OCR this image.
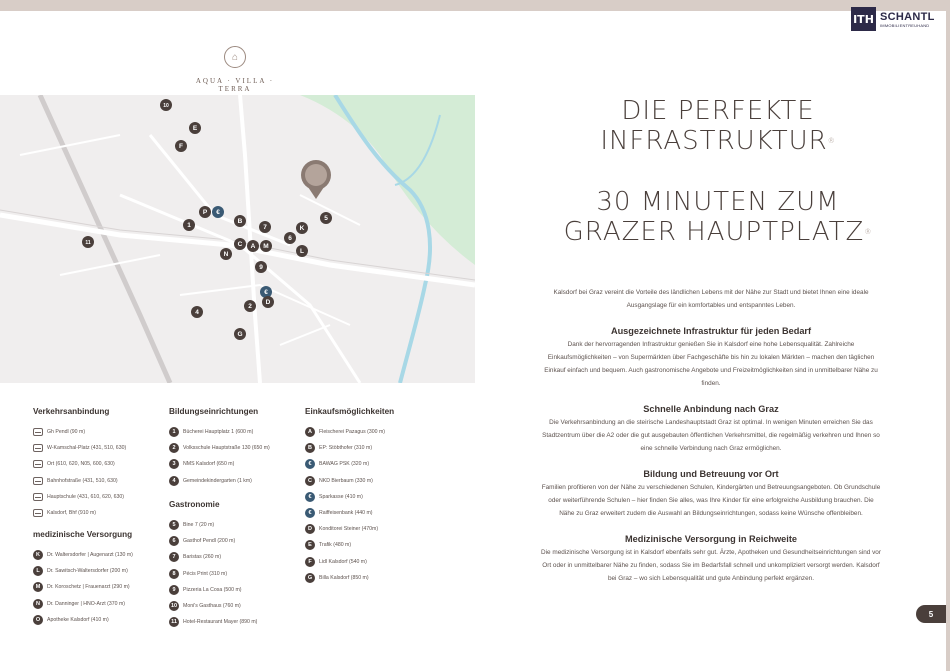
ITH SCHANTL
IMMOBILIENTREUHAND
⌂
AQUA · VILLA · TERRA
10
E
F
P €
B
7
1	K
5
C A M
6
N
9
L
€
D
2
4
G
11
DIE PERFEKTE INFRASTRUKTUR®
30 MINUTEN ZUM GRAZER HAUPTPLATZ®

Kalsdorf bei Graz vereint die Vorteile des ländlichen Lebens mit der Nähe zur Stadt und bietet Ihnen eine ideale Ausgangslage für ein komfortables und entspanntes Leben.

Ausgezeichnete Infrastruktur für jeden Bedarf

Dank der hervorragenden Infrastruktur genießen Sie in Kalsdorf eine hohe Lebensqualität. Zahlreiche Einkaufsmöglichkeiten – von Supermärkten über Fachgeschäfte bis hin zu lokalen Märkten – machen den täglichen Einkauf einfach und bequem. Auch gastronomische Angebote und Freizeitmöglichkeiten sind in unmittelbarer Nähe zu finden.

Schnelle Anbindung nach Graz

Die Verkehrsanbindung an die steirische Landeshauptstadt Graz ist optimal. In wenigen Minuten erreichen Sie das Stadtzentrum über die A2 oder die gut ausgebauten öffentlichen Verkehrsmittel, die regelmäßig verkehren und Ihnen so eine schnelle Verbindung nach Graz ermöglichen.

Bildung und Betreuung vor Ort

Familien profitieren von der Nähe zu verschiedenen Schulen, Kindergärten und Betreuungsangeboten. Ob Grundschule oder weiterführende Schulen – hier finden Sie alles, was Ihre Kinder für eine erfolgreiche Ausbildung brauchen. Die Nähe zu Graz erweitert zudem die Auswahl an Bildungseinrichtungen, sodass keine Wünsche offenbleiben.

Medizinische Versorgung in Reichweite

Die medizinische Versorgung ist in Kalsdorf ebenfalls sehr gut. Ärzte, Apotheken und Gesundheitseinrichtungen sind vor Ort oder in unmittelbarer Nähe zu finden, sodass Sie im Bedarfsfall schnell und unkompliziert versorgt werden. Kalsdorf bei Graz – wo sich Lebensqualität und gute Anbindung perfekt ergänzen.

Verkehrsanbindung
Gh Pendl (90 m)
W-Kamschal-Platz (431, 510, 630)
Ort (610, 620, N05, 600, 630)
Bahnhofstraße (431, 510, 630)
Hauptschule (431, 610, 620, 630)
Kalsdorf, Bhf (910 m)
medizinische Versorgung
K	Dr. Waltersdorfer | Augenarzt (130 m)
L	Dr. Sawitsch-Waltersdorfer (200 m)
M	Dr. Koroschetz | Frauenarzt (290 m)
N	Dr. Danninger | HNO-Arzt (370 m)
O	Apotheke Kalsdorf (410 m)
Bildungseinrichtungen
1	Bücherei Hauptplatz 1 (600 m)
2	Volksschule Hauptstraße 130 (650 m)
3	NMS Kalsdorf (650 m)
4	Gemeindekindergarten (1 km)
Gastronomie
5	Bine 7 (20 m)
6	Gasthof Pendl (200 m)
7	Baristas (260 m)
8	Pécis Print (310 m)
9	Pizzeria La Cosa (500 m)
10	Moni's Gasthaus (760 m)
11	Hotel-Restaurant Mayer (890 m)
Einkaufsmöglichkeiten
A	Fleischerei Pazagus (300 m)
B	EP: Stöbthofer (310 m)
€	BAWAG PSK (320 m)
C	NKD Bierbaum (330 m)
€	Sparkasse (410 m)
€	Raiffeisenbank (440 m)
D	Konditorei Steiner (470m)
E	Trafik (480 m)
F	Lidl Kalsdorf (540 m)
G	Billa Kalsdorf (850 m)
5
